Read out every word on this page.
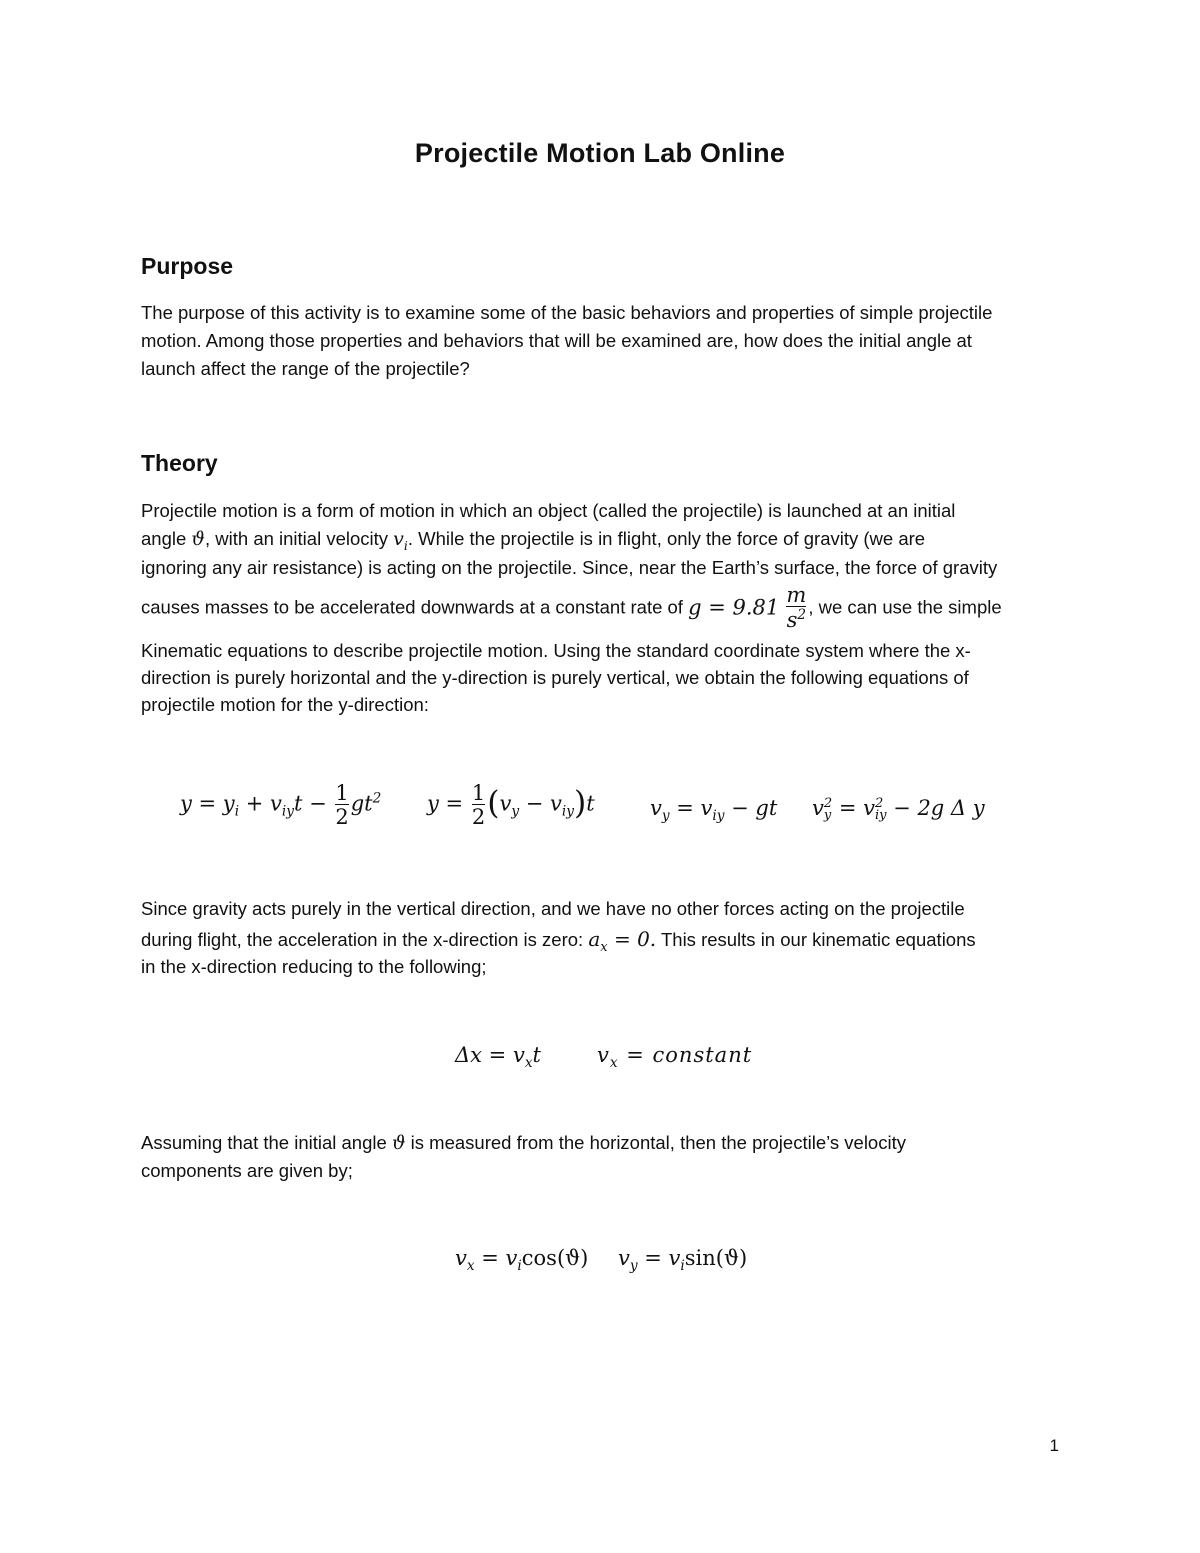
Projectile Motion Lab Online
Purpose
The purpose of this activity is to examine some of the basic behaviors and properties of simple projectile
motion. Among those properties and behaviors that will be examined are, how does the initial angle at
launch affect the range of the projectile?
Theory
Projectile motion is a form of motion in which an object (called the projectile) is launched at an initial
angle ϑ, with an initial velocity $v_i$. While the projectile is in flight, only the force of gravity (we are
ignoring any air resistance) is acting on the projectile. Since, near the Earth’s surface, the force of gravity
causes masses to be accelerated downwards at a constant rate of $g = 9.81 \frac{m}{s^2}$ , we can use the simple
Kinematic equations to describe projectile motion. Using the standard coordinate system where the x-
direction is purely horizontal and the y-direction is purely vertical, we obtain the following equations of
projectile motion for the y-direction:
$y = y_i + v_{iy}t - \frac{1}{2} gt^2$ $y = \frac{1}{2} (v_y - v_{iy})t$	$v_y = v_{iy}$ − gt v 2
y = v 2
iy − 2g Δ y
Since gravity acts purely in the vertical direction, and we have no other forces acting on the projectile
during flight, the acceleration in the x-direction is zero: $a_x = 0$. This results in our kinematic equations
in the x-direction reducing to the following;
$\Delta x = v_xt$	$v_x$ = constant
Assuming that the initial angle ϑ is measured from the horizontal, then the projectile’s velocity
components are given by;
$v_x = v_i\cos(ϑ) v_y = v_i\sin(ϑ)$
1
